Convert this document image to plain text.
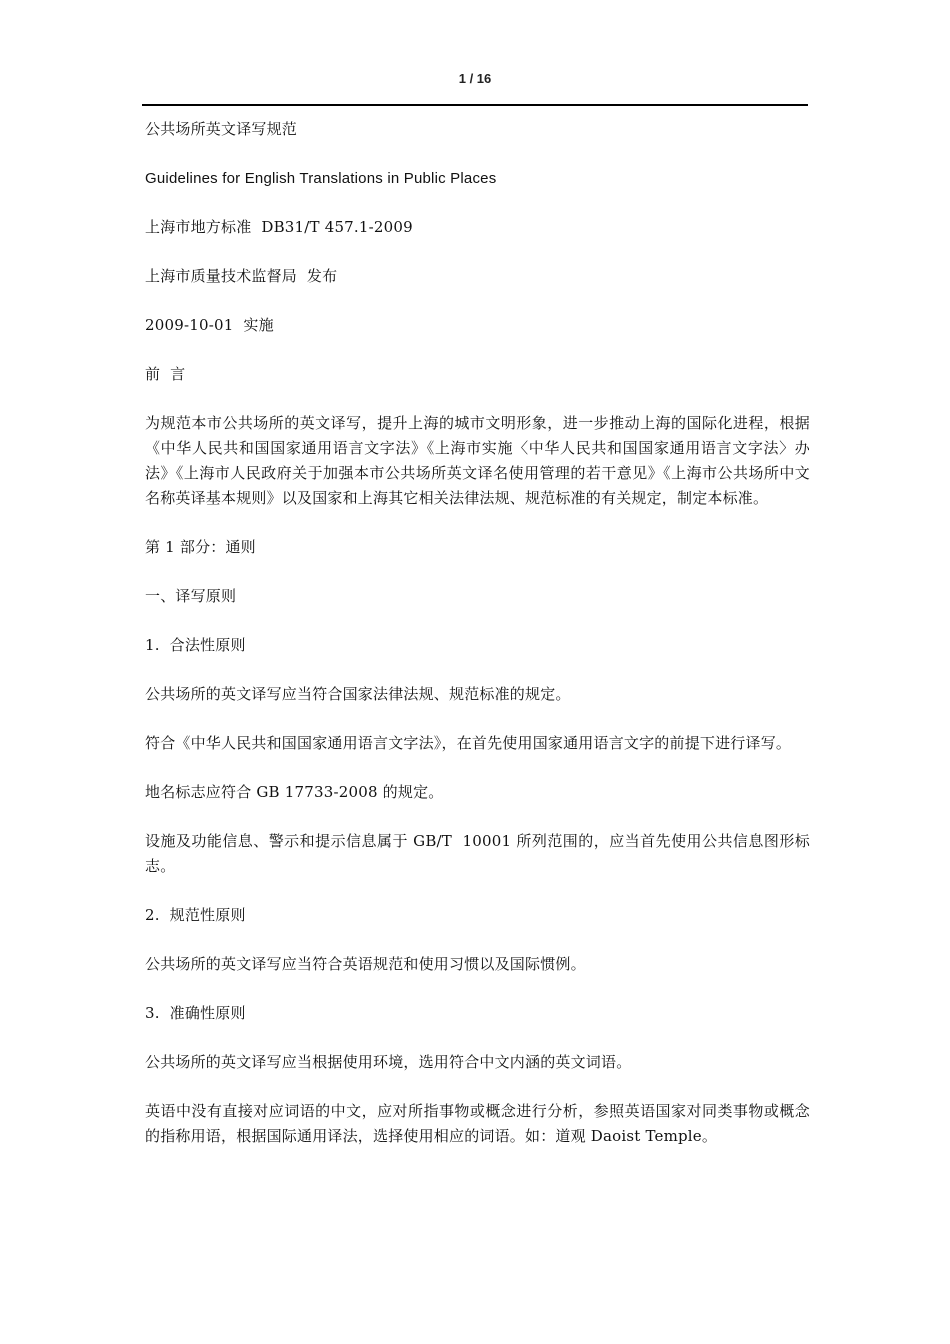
1 / 16

公共场所英文译写规范

Guidelines for English Translations in Public Places

上海市地方标准  DB31/T 457.1-2009

上海市质量技术监督局  发布

2009-10-01  实施

前  言

为规范本市公共场所的英文译写，提升上海的城市文明形象，进一步推动上海的国际化进程，根据《中华人民共和国国家通用语言文字法》《上海市实施〈中华人民共和国国家通用语言文字法〉办法》《上海市人民政府关于加强本市公共场所英文译名使用管理的若干意见》《上海市公共场所中文名称英译基本规则》以及国家和上海其它相关法律法规、规范标准的有关规定，制定本标准。

第 1 部分：通则

一、译写原则

1.  合法性原则

公共场所的英文译写应当符合国家法律法规、规范标准的规定。

符合《中华人民共和国国家通用语言文字法》，在首先使用国家通用语言文字的前提下进行译写。

地名标志应符合 GB 17733-2008 的规定。

设施及功能信息、警示和提示信息属于 GB/T  10001 所列范围的，应当首先使用公共信息图形标志。

2.  规范性原则

公共场所的英文译写应当符合英语规范和使用习惯以及国际惯例。

3.  准确性原则

公共场所的英文译写应当根据使用环境，选用符合中文内涵的英文词语。

英语中没有直接对应词语的中文，应对所指事物或概念进行分析，参照英语国家对同类事物或概念的指称用语，根据国际通用译法，选择使用相应的词语。如：道观 Daoist Temple。
